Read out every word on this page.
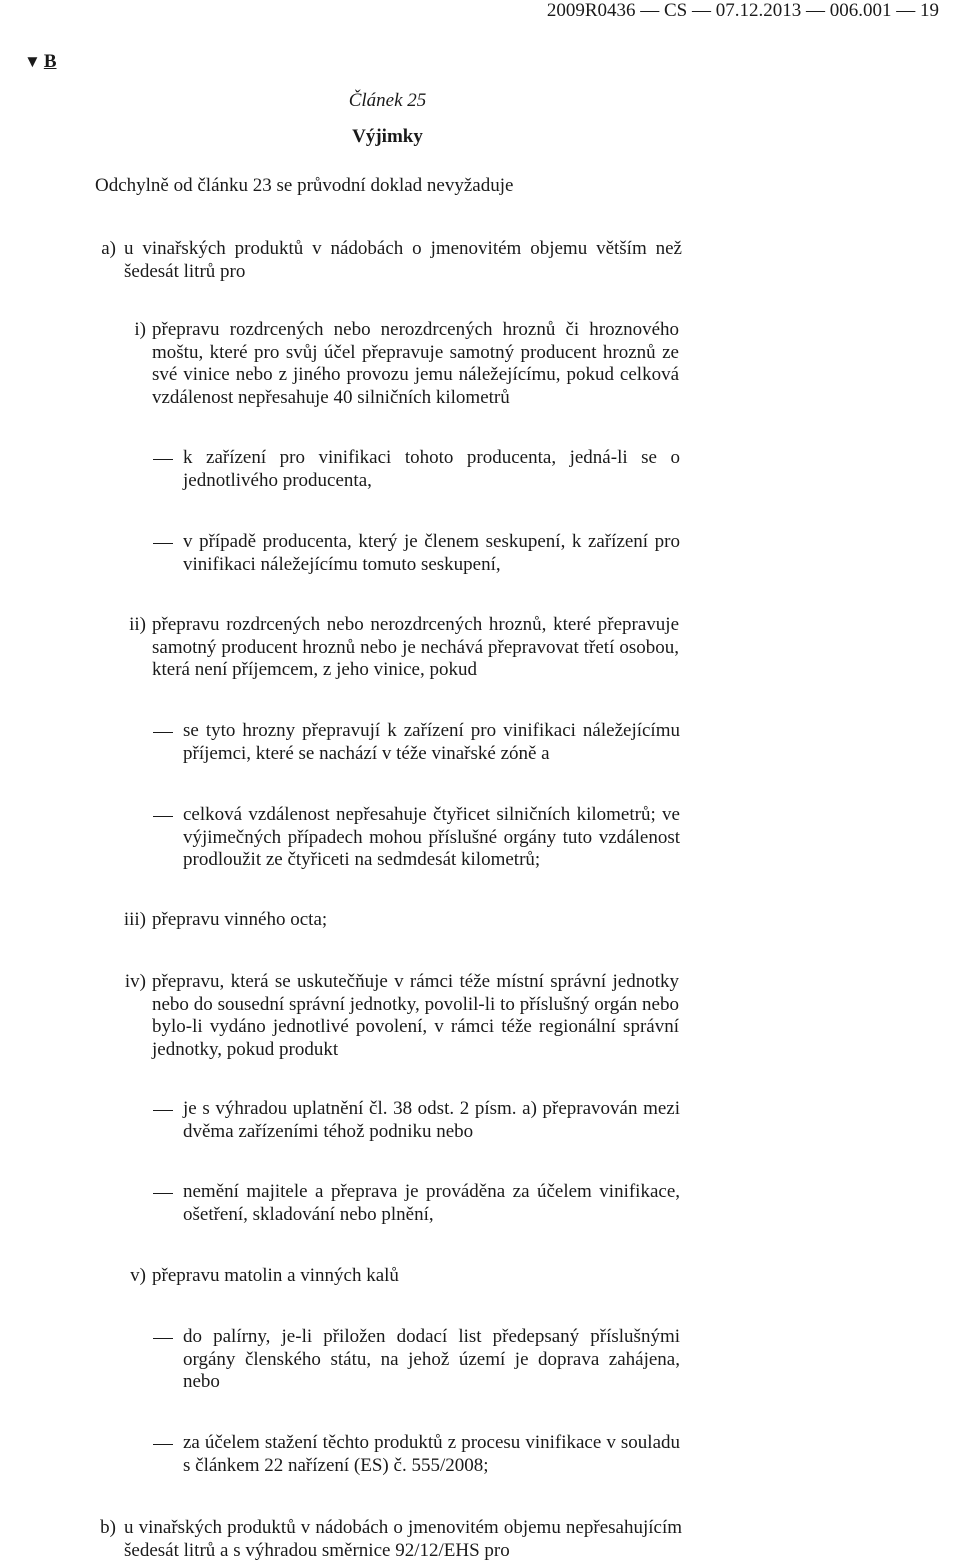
2009R0436 — CS — 07.12.2013 — 006.001 — 19
▼ B

Článek 25

Výjimky

Odchylně od článku 23 se průvodní doklad nevyžaduje

a) u vinařských produktů v nádobách o jmenovitém objemu větším než šedesát litrů pro

i) přepravu rozdrcených nebo nerozdrcených hroznů či hroznového moštu, které pro svůj účel přepravuje samotný producent hroznů ze své vinice nebo z jiného provozu jemu náležejícímu, pokud celková vzdálenost nepřesahuje 40 silničních kilometrů

k zařízení pro vinifikaci tohoto producenta, jedná-li se o jednotlivého producenta,

v případě producenta, který je členem seskupení, k zařízení pro vinifikaci náležejícímu tomuto seskupení,

ii) přepravu rozdrcených nebo nerozdrcených hroznů, které přepravuje samotný producent hroznů nebo je nechává přepravovat třetí osobou, která není příjemcem, z jeho vinice, pokud

se tyto hrozny přepravují k zařízení pro vinifikaci náležejícímu příjemci, které se nachází v téže vinařské zóně a

celková vzdálenost nepřesahuje čtyřicet silničních kilometrů; ve výjimečných případech mohou příslušné orgány tuto vzdálenost prodloužit ze čtyřiceti na sedmdesát kilometrů;

iii) přepravu vinného octa;

iv) přepravu, která se uskutečňuje v rámci téže místní správní jednotky nebo do sousední správní jednotky, povolil-li to příslušný orgán nebo bylo-li vydáno jednotlivé povolení, v rámci téže regionální správní jednotky, pokud produkt

je s výhradou uplatnění čl. 38 odst. 2 písm. a) přepravován mezi dvěma zařízeními téhož podniku nebo

nemění majitele a přeprava je prováděna za účelem vinifikace, ošetření, skladování nebo plnění,

v) přepravu matolin a vinných kalů

do palírny, je-li přiložen dodací list předepsaný příslušnými orgány členského státu, na jehož území je doprava zahájena, nebo

za účelem stažení těchto produktů z procesu vinifikace v souladu s článkem 22 nařízení (ES) č. 555/2008;

b) u vinařských produktů v nádobách o jmenovitém objemu nepřesahujícím šedesát litrů a s výhradou směrnice 92/12/EHS pro
